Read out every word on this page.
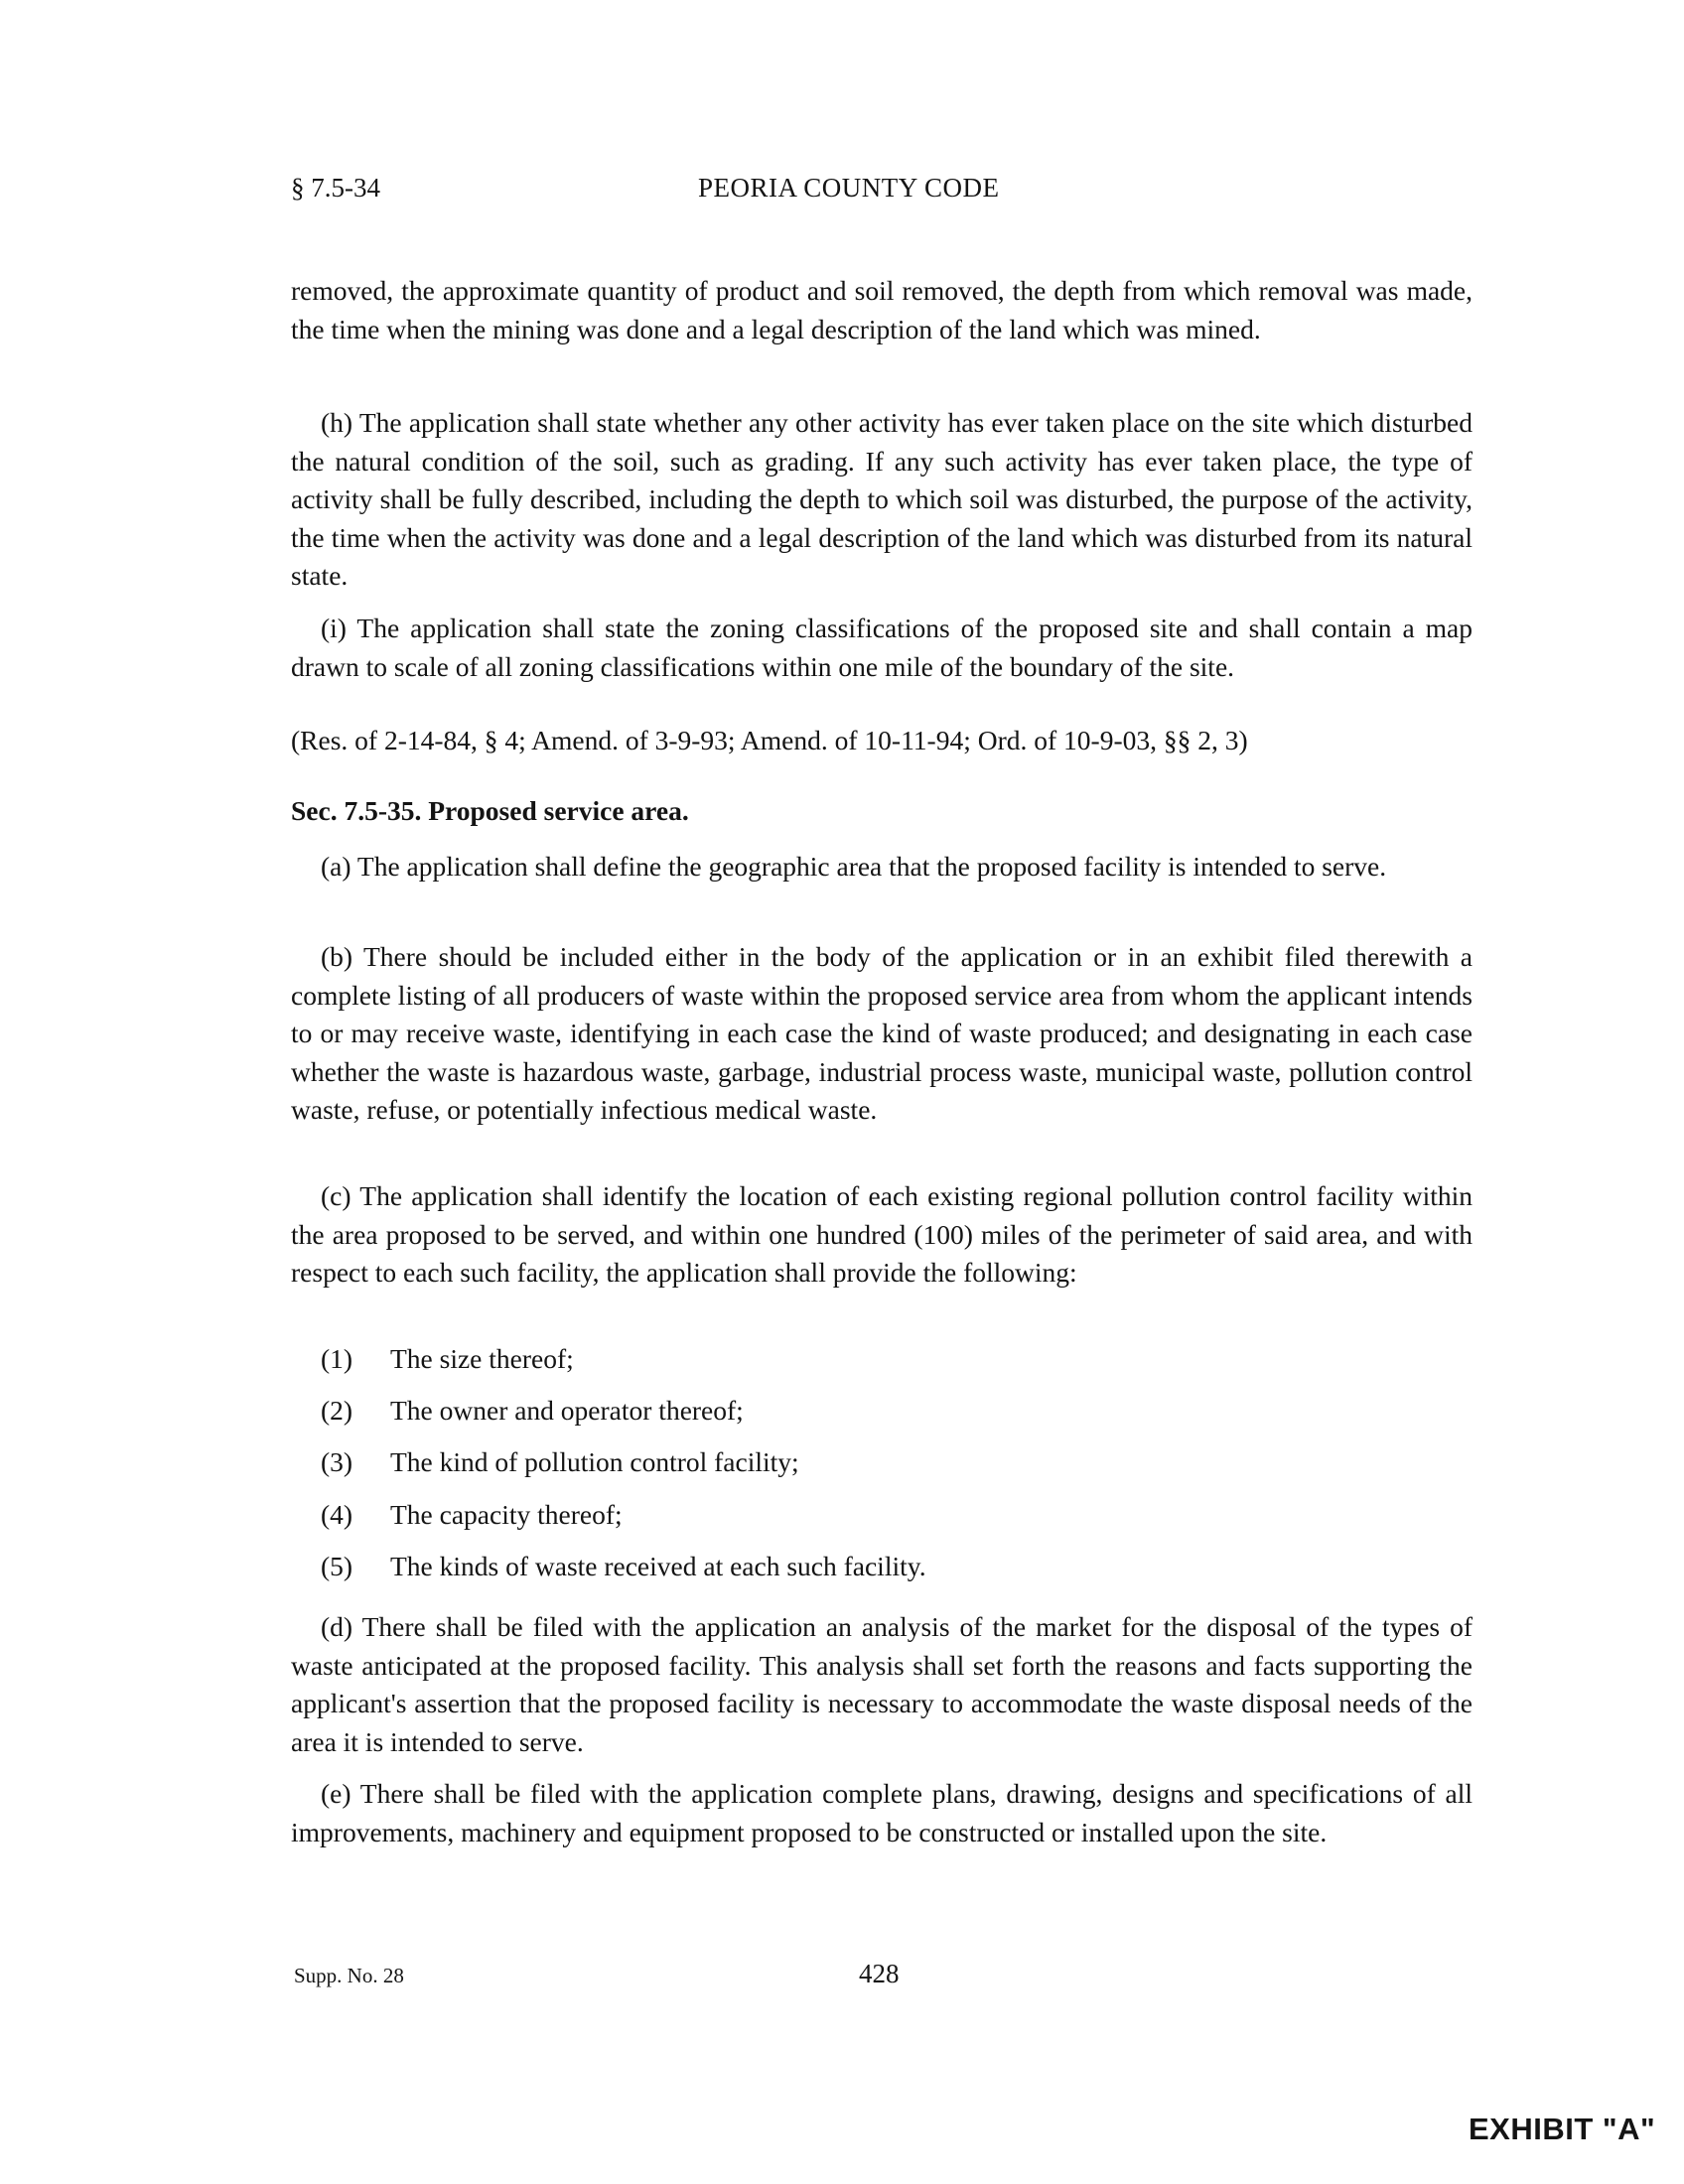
§ 7.5-34	PEORIA COUNTY CODE
removed, the approximate quantity of product and soil removed, the depth from which removal was made, the time when the mining was done and a legal description of the land which was mined.
(h) The application shall state whether any other activity has ever taken place on the site which disturbed the natural condition of the soil, such as grading. If any such activity has ever taken place, the type of activity shall be fully described, including the depth to which soil was disturbed, the purpose of the activity, the time when the activity was done and a legal description of the land which was disturbed from its natural state.
(i) The application shall state the zoning classifications of the proposed site and shall contain a map drawn to scale of all zoning classifications within one mile of the boundary of the site.
(Res. of 2-14-84, § 4; Amend. of 3-9-93; Amend. of 10-11-94; Ord. of 10-9-03, §§ 2, 3)
Sec. 7.5-35. Proposed service area.
(a) The application shall define the geographic area that the proposed facility is intended to serve.
(b) There should be included either in the body of the application or in an exhibit filed therewith a complete listing of all producers of waste within the proposed service area from whom the applicant intends to or may receive waste, identifying in each case the kind of waste produced; and designating in each case whether the waste is hazardous waste, garbage, industrial process waste, municipal waste, pollution control waste, refuse, or potentially infectious medical waste.
(c) The application shall identify the location of each existing regional pollution control facility within the area proposed to be served, and within one hundred (100) miles of the perimeter of said area, and with respect to each such facility, the application shall provide the following:
(1) The size thereof;
(2) The owner and operator thereof;
(3) The kind of pollution control facility;
(4) The capacity thereof;
(5) The kinds of waste received at each such facility.
(d) There shall be filed with the application an analysis of the market for the disposal of the types of waste anticipated at the proposed facility. This analysis shall set forth the reasons and facts supporting the applicant's assertion that the proposed facility is necessary to accommodate the waste disposal needs of the area it is intended to serve.
(e) There shall be filed with the application complete plans, drawing, designs and specifications of all improvements, machinery and equipment proposed to be constructed or installed upon the site.
Supp. No. 28	428
EXHIBIT "A"
